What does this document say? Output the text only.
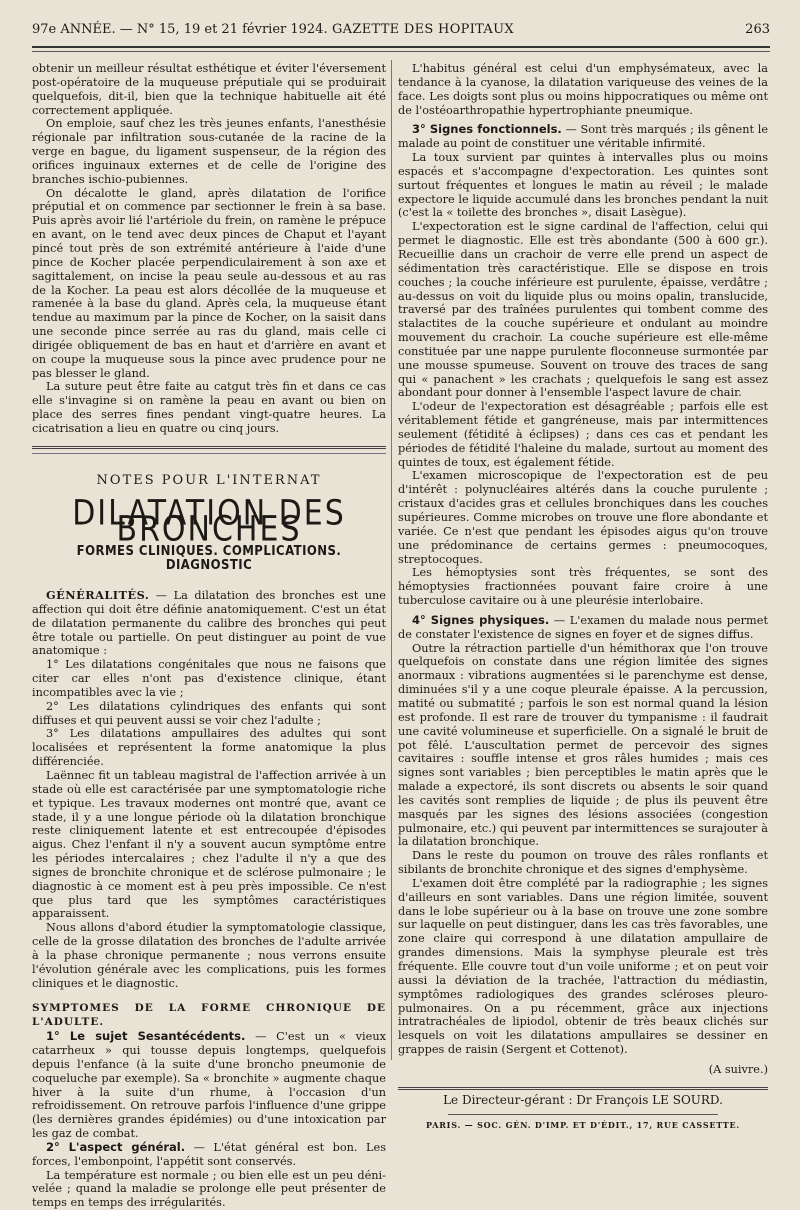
97e ANNÉE. — N° 15, 19 et 21 février 1924. GAZETTE DES HOPITAUX	263

obtenir un meilleur résultat esthétique et éviter l'éversement post-opératoire de la muqueuse préputiale qui se produirait quelquefois, dit-il, bien que la technique habituelle ait été correctement appliquée.

On emploie, sauf chez les très jeunes enfants, l'anesthésie régionale par infiltration sous-cutanée de la racine de la verge en bague, du ligament suspenseur, de la région des orifices inguinaux externes et de celle de l'origine des branches ischio-pubiennes.

On décalotte le gland, après dilatation de l'orifice préputial et on commence par sectionner le frein à sa base. Puis après avoir lié l'artériole du frein, on ramène le prépuce en avant, on le tend avec deux pinces de Chaput et l'ayant pincé tout près de son extrémité antérieure à l'aide d'une pince de Kocher placée perpendiculairement à son axe et sagittalement, on incise la peau seule au-dessous et au ras de la Kocher. La peau est alors décollée de la muqueuse et ramenée à la base du gland. Après cela, la muqueuse étant tendue au maximum par la pince de Kocher, on la saisit dans une seconde pince serrée au ras du gland, mais celle ci dirigée obliquement de bas en haut et d'arrière en avant et on coupe la muqueuse sous la pince avec prudence pour ne pas blesser le gland.

La suture peut être faite au catgut très fin et dans ce cas elle s'invagine si on ramène la peau en avant ou bien on place des serres fines pendant vingt-quatre heures. La cicatrisation a lieu en quatre ou cinq jours.

NOTES POUR L'INTERNAT
DILATATION DES BRONCHES
FORMES CLINIQUES. COMPLICATIONS. DIAGNOSTIC

GÉNÉRALITÉS. — La dilatation des bronches est une affection qui doit être définie anatomiquement. C'est un état de dilatation permanente du calibre des bronches qui peut être totale ou partielle. On peut distinguer au point de vue anatomique :

1° Les dilatations congénitales que nous ne faisons que citer car elles n'ont pas d'existence clinique, étant incompatibles avec la vie ;

2° Les dilatations cylindriques des enfants qui sont diffuses et qui peuvent aussi se voir chez l'adulte ;

3° Les dilatations ampullaires des adultes qui sont localisées et représentent la forme anatomique la plus différenciée.

Laënnec fit un tableau magistral de l'affection arrivée à un stade où elle est caractérisée par une symptomatologie riche et typique. Les travaux modernes ont montré que, avant ce stade, il y a une longue période où la dilatation bronchique reste cliniquement latente et est entrecoupée d'épisodes aigus. Chez l'enfant il n'y a souvent aucun symptôme entre les périodes intercalaires ; chez l'adulte il n'y a que des signes de bronchite chronique et de sclérose pulmonaire ; le diagnostic à ce moment est à peu près impossible. Ce n'est que plus tard que les symptômes caractéristiques apparaissent.

Nous allons d'abord étudier la symptomatologie classique, celle de la grosse dilatation des bronches de l'adulte arrivée à la phase chronique permanente ; nous verrons ensuite l'évolution générale avec les complications, puis les formes cliniques et le diagnostic.

SYMPTOMES DE LA FORME CHRONIQUE DE L'ADULTE.

1° Le sujet Sesantécédents. — C'est un « vieux catarrheux » qui tousse depuis longtemps, quelquefois depuis l'enfance (à la suite d'une broncho pneumonie de coqueluche par exemple). Sa « bronchite » augmente chaque hiver à la suite d'un rhume, à l'occasion d'un refroidissement. On retrouve parfois l'influence d'une grippe (les dernières grandes épidémies) ou d'une intoxication par les gaz de combat.

2° L'aspect général. — L'état général est bon. Les forces, l'embonpoint, l'appétit sont conservés.

La température est normale ; ou bien elle est un peu déni-velée ; quand la maladie se prolonge elle peut présenter de temps en temps des irrégularités.

L'habitus général est celui d'un emphysémateux, avec la tendance à la cyanose, la dilatation variqueuse des veines de la face. Les doigts sont plus ou moins hippocratiques ou même ont de l'ostéoarthropathie hypertrophiante pneumique.

3° Signes fonctionnels. — Sont très marqués ; ils gênent le malade au point de constituer une véritable infirmité.

La toux survient par quintes à intervalles plus ou moins espacés et s'accompagne d'expectoration. Les quintes sont surtout fréquentes et longues le matin au réveil ; le malade expectore le liquide accumulé dans les bronches pendant la nuit (c'est la « toilette des bronches », disait Lasègue).

L'expectoration est le signe cardinal de l'affection, celui qui permet le diagnostic. Elle est très abondante (500 à 600 gr.). Recueillie dans un crachoir de verre elle prend un aspect de sédimentation très caractéristique. Elle se dispose en trois couches ; la couche inférieure est purulente, épaisse, verdâtre ; au-dessus on voit du liquide plus ou moins opalin, translucide, traversé par des traînées purulentes qui tombent comme des stalactites de la couche supérieure et ondulant au moindre mouvement du crachoir. La couche supérieure est elle-même constituée par une nappe purulente floconneuse surmontée par une mousse spumeuse. Souvent on trouve des traces de sang qui « panachent » les crachats ; quelquefois le sang est assez abondant pour donner à l'ensemble l'aspect lavure de chair.

L'odeur de l'expectoration est désagréable ; parfois elle est véritablement fétide et gangréneuse, mais par intermittences seulement (fétidité à éclipses) ; dans ces cas et pendant les périodes de fétidité l'haleine du malade, surtout au moment des quintes de toux, est également fétide.

L'examen microscopique de l'expectoration est de peu d'intérêt : polynucléaires altérés dans la couche purulente ; cristaux d'acides gras et cellules bronchiques dans les couches supérieures. Comme microbes on trouve une flore abondante et variée. Ce n'est que pendant les épisodes aigus qu'on trouve une prédominance de certains germes : pneumocoques, streptocoques.

Les hémoptysies sont très fréquentes, se sont des hémoptysies fractionnées pouvant faire croire à une tuberculose cavitaire ou à une pleurésie interlobaire.

4° Signes physiques. — L'examen du malade nous permet de constater l'existence de signes en foyer et de signes diffus.

Outre la rétraction partielle d'un hémithorax que l'on trouve quelquefois on constate dans une région limitée des signes anormaux : vibrations augmentées si le parenchyme est dense, diminuées s'il y a une coque pleurale épaisse. A la percussion, matité ou submatité ; parfois le son est normal quand la lésion est profonde. Il est rare de trouver du tympanisme : il faudrait une cavité volumineuse et superficielle. On a signalé le bruit de pot fêlé. L'auscultation permet de percevoir des signes cavitaires : souffle intense et gros râles humides ; mais ces signes sont variables ; bien perceptibles le matin après que le malade a expectoré, ils sont discrets ou absents le soir quand les cavités sont remplies de liquide ; de plus ils peuvent être masqués par les signes des lésions associées (congestion pulmonaire, etc.) qui peuvent par intermittences se surajouter à la dilatation bronchique.

Dans le reste du poumon on trouve des râles ronflants et sibilants de bronchite chronique et des signes d'emphysème.

L'examen doit être complété par la radiographie ; les signes d'ailleurs en sont variables. Dans une région limitée, souvent dans le lobe supérieur ou à la base on trouve une zone sombre sur laquelle on peut distinguer, dans les cas très favorables, une zone claire qui correspond à une dilatation ampullaire de grandes dimensions. Mais la symphyse pleurale est très fréquente. Elle couvre tout d'un voile uniforme ; et on peut voir aussi la déviation de la trachée, l'attraction du médiastin, symptômes radiologiques des grandes scléroses pleuro-pulmonaires. On a pu récemment, grâce aux injections intratrachéales de lipiodol, obtenir de très beaux clichés sur lesquels on voit les dilatations ampullaires se dessiner en grappes de raisin (Sergent et Cottenot).

(A suivre.)

Le Directeur-gérant : Dr François LE SOURD.
PARIS. — SOC. GÉN. D'IMP. ET D'ÉDIT., 17, RUE CASSETTE.
